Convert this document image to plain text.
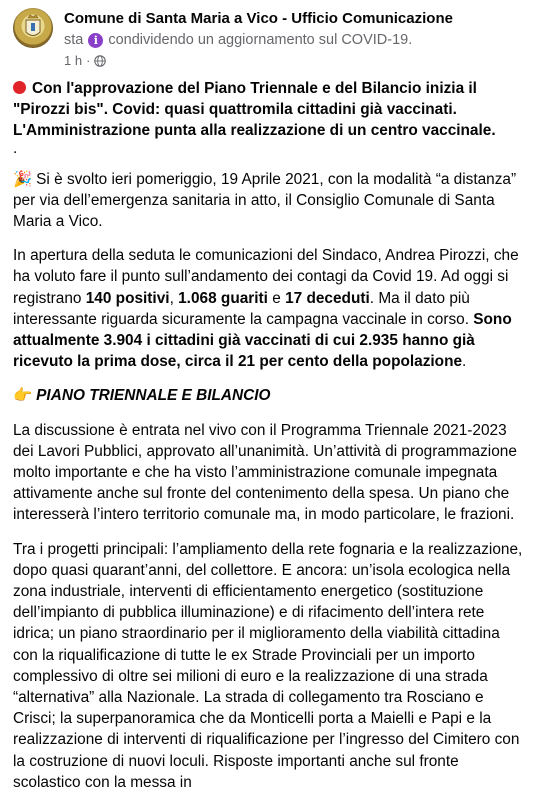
Comune di Santa Maria a Vico - Ufficio Comunicazione
sta i condividendo un aggiornamento sul COVID-19.
1 h ·

Con l'approvazione del Piano Triennale e del Bilancio inizia il
"Pirozzi bis". Covid: quasi quattromila cittadini già vaccinati.
L'Amministrazione punta alla realizzazione di un centro vaccinale.

.

🎉 Si è svolto ieri pomeriggio, 19 Aprile 2021, con la modalità “a distanza” per via dell’emergenza sanitaria in atto, il Consiglio Comunale di Santa Maria a Vico.

In apertura della seduta le comunicazioni del Sindaco, Andrea Pirozzi, che ha voluto fare il punto sull’andamento dei contagi da Covid 19. Ad oggi si registrano 140 positivi, 1.068 guariti e 17 deceduti. Ma il dato più interessante riguarda sicuramente la campagna vaccinale in corso. Sono attualmente 3.904 i cittadini già vaccinati di cui 2.935 hanno già ricevuto la prima dose, circa il 21 per cento della popolazione.

👉 PIANO TRIENNALE E BILANCIO

La discussione è entrata nel vivo con il Programma Triennale 2021-2023 dei Lavori Pubblici, approvato all’unanimità. Un’attività di programmazione molto importante e che ha visto l’amministrazione comunale impegnata attivamente anche sul fronte del contenimento della spesa. Un piano che interesserà l’intero territorio comunale ma, in modo particolare, le frazioni.

Tra i progetti principali: l’ampliamento della rete fognaria e la realizzazione, dopo quasi quarant’anni, del collettore. E ancora: un’isola ecologica nella zona industriale, interventi di efficientamento energetico (sostituzione dell’impianto di pubblica illuminazione) e di rifacimento dell’intera rete idrica; un piano straordinario per il miglioramento della viabilità cittadina con la riqualificazione di tutte le ex Strade Provinciali per un importo complessivo di oltre sei milioni di euro e la realizzazione di una strada “alternativa” alla Nazionale. La strada di collegamento tra Rosciano e Crisci; la superpanoramica che da Monticelli porta a Maielli e Papi e la realizzazione di interventi di riqualificazione per l’ingresso del Cimitero con la costruzione di nuovi loculi. Risposte importanti anche sul fronte scolastico con la messa in
